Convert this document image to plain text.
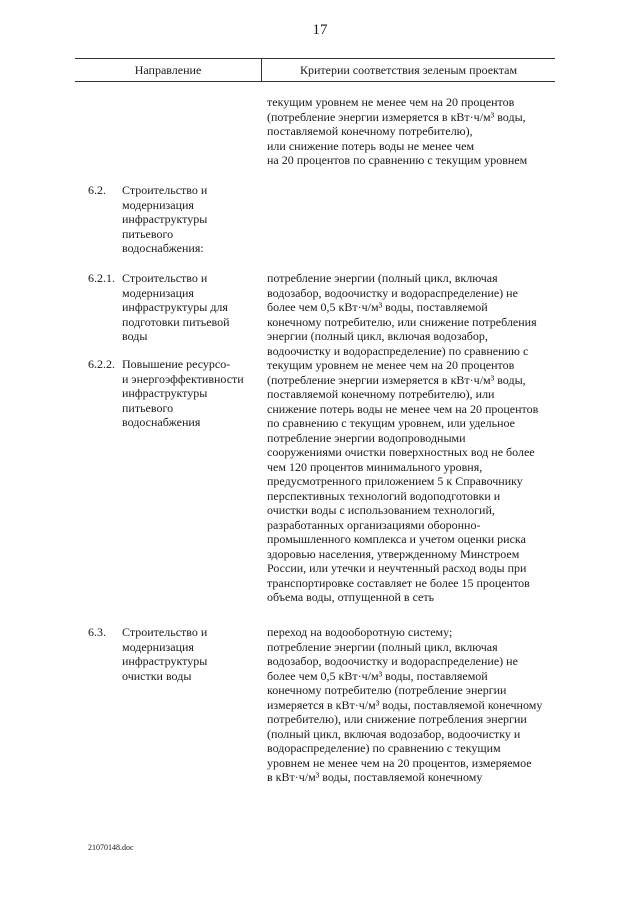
17
Направление	Критерии соответствия зеленым проектам
текущим уровнем не менее чем на 20 процентов
(потребление энергии измеряется в кВт·ч/м³ воды,
поставляемой конечному потребителю),
или снижение потерь воды не менее чем
на 20 процентов по сравнению с текущим уровнем
6.2. Строительство и
модернизация
инфраструктуры
питьевого
водоснабжения:
6.2.1. Строительство и
модернизация
инфраструктуры для
подготовки питьевой
воды
6.2.2. Повышение ресурсо-
и энергоэффективности
инфраструктуры
питьевого
водоснабжения
потребление энергии (полный цикл, включая
водозабор, водоочистку и водораспределение) не
более чем 0,5 кВт·ч/м³ воды, поставляемой
конечному потребителю, или снижение потребления
энергии (полный цикл, включая водозабор,
водоочистку и водораспределение) по сравнению с
текущим уровнем не менее чем на 20 процентов
(потребление энергии измеряется в кВт·ч/м³ воды,
поставляемой конечному потребителю), или
снижение потерь воды не менее чем на 20 процентов
по сравнению с текущим уровнем, или удельное
потребление энергии водопроводными
сооружениями очистки поверхностных вод не более
чем 120 процентов минимального уровня,
предусмотренного приложением 5 к Справочнику
перспективных технологий водоподготовки и
очистки воды с использованием технологий,
разработанных организациями оборонно-
промышленного комплекса и учетом оценки риска
здоровью населения, утвержденному Минстроем
России, или утечки и неучтенный расход воды при
транспортировке составляет не более 15 процентов
объема воды, отпущенной в сеть
6.3. Строительство и
модернизация
инфраструктуры
очистки воды
переход на водооборотную систему;
потребление энергии (полный цикл, включая
водозабор, водоочистку и водораспределение) не
более чем 0,5 кВт·ч/м³ воды, поставляемой
конечному потребителю (потребление энергии
измеряется в кВт·ч/м³ воды, поставляемой конечному
потребителю), или снижение потребления энергии
(полный цикл, включая водозабор, водоочистку и
водораспределение) по сравнению с текущим
уровнем не менее чем на 20 процентов, измеряемое
в кВт·ч/м³ воды, поставляемой конечному
21070148.doc
